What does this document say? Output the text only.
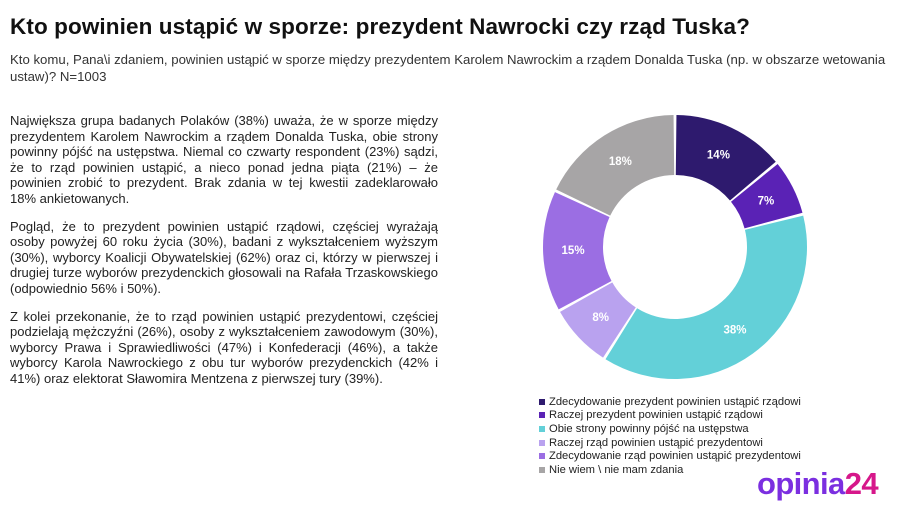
Kto powinien ustąpić w sporze: prezydent Nawrocki czy rząd Tuska?
Kto komu, Pana\i zdaniem, powinien ustąpić w sporze między prezydentem Karolem Nawrockim a rządem Donalda Tuska (np. w obszarze wetowania ustaw)? N=1003

Największa grupa badanych Polaków (38%) uważa, że w sporze między prezydentem Karolem Nawrockim a rządem Donalda Tuska, obie strony powinny pójść na ustępstwa. Niemal co czwarty respondent (23%) sądzi, że to rząd powinien ustąpić, a nieco ponad jedna piąta (21%) – że powinien zrobić to prezydent. Brak zdania w tej kwestii zadeklarowało 18% ankietowanych.

Pogląd, że to prezydent powinien ustąpić rządowi, częściej wyrażają osoby powyżej 60 roku życia (30%), badani z wykształceniem wyższym (30%), wyborcy Koalicji Obywatelskiej (62%) oraz ci, którzy w pierwszej i drugiej turze wyborów prezydenckich głosowali na Rafała Trzaskowskiego (odpowiednio 56% i 50%).

Z kolei przekonanie, że to rząd powinien ustąpić prezydentowi, częściej podzielają mężczyźni (26%), osoby z wykształceniem zawodowym (30%), wyborcy Prawa i Sprawiedliwości (47%) i Konfederacji (46%), a także wyborcy Karola Nawrockiego z obu tur wyborów prezydenckich (42% i 41%) oraz elektorat Sławomira Mentzena z pierwszej tury (39%).

14%
7%
38%
8%
15%
18%
Zdecydowanie prezydent powinien ustąpić rządowi
Raczej prezydent powinien ustąpić rządowi
Obie strony powinny pójść na ustępstwa
Raczej rząd powinien ustąpić prezydentowi
Zdecydowanie rząd powinien ustąpić prezydentowi
Nie wiem \ nie mam zdania opinia24
